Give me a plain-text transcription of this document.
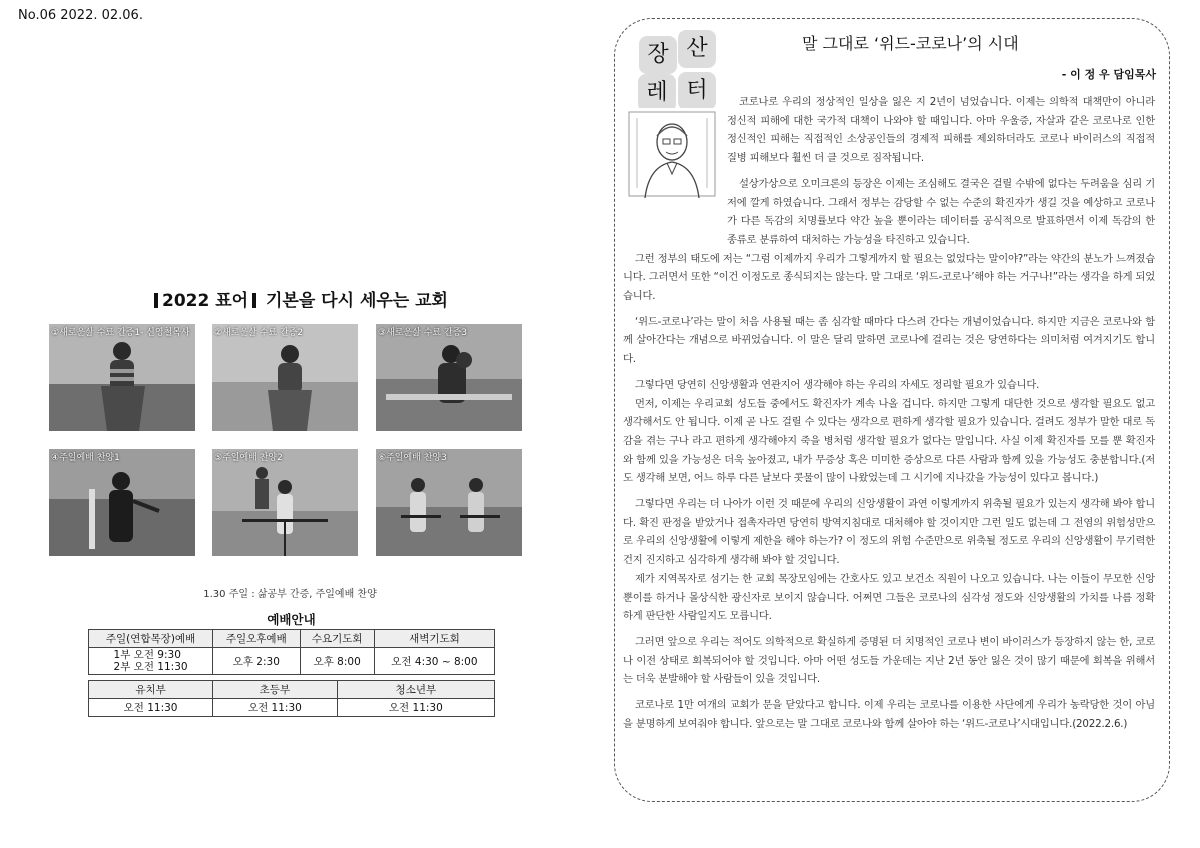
No.06 2022. 02.06.
2022 표어 기본을 다시 세우는 교회
①새로운삶 수료 간증1- 신영철목사	②새로운삶 수료 간증2	③새로운삶 수료 간증3
④주일예배 찬양1	⑤주일예배 찬양2	⑥주일예배 찬양3
1.30 주일 : 삶공부 간증, 주일예배 찬양
예배안내				
주일(연합목장)예배	주일오후예배	수요기도회		새벽기도회
1부 오전 9:30
2부 오전 11:30	오후 2:30	오후 8:00		오전 4:30 ~ 8:00

유치부	초등부		청소년부	
오전 11:30	오전 11:30		오전 11:30	
장 산
레 터
말 그대로 ‘위드-코로나’의 시대
- 이 정 우 담임목사

코로나로 우리의 정상적인 일상을 잃은 지 2년이 넘었습니다. 이제는 의학적 대책만이 아니라 정신적 피해에 대한 국가적 대책이 나와야 할 때입니다. 아마 우울증, 자살과 같은 코로나로 인한 정신적인 피해는 직접적인 소상공인들의 경제적 피해를 제외하더라도 코로나 바이러스의 직접적 질병 피해보다 훨씬 더 클 것으로 짐작됩니다.

설상가상으로 오미크론의 등장은 이제는 조심해도 결국은 걸릴 수밖에 없다는 두려움을 심리 기저에 깔게 하였습니다. 그래서 정부는 감당할 수 없는 수준의 확진자가 생길 것을 예상하고 코로나가 다른 독감의 치명률보다 약간 높을 뿐이라는 데이터를 공식적으로 발표하면서 이제 독감의 한 종류로 분류하여 대처하는 가능성을 타진하고 있습니다.

그런 정부의 태도에 저는 “그럼 이제까지 우리가 그렇게까지 할 필요는 없었다는 말이야?”라는 약간의 분노가 느껴졌습니다. 그러면서 또한 “이건 이정도로 종식되지는 않는다. 말 그대로 ‘위드-코로나’해야 하는 거구나!”라는 생각을 하게 되었습니다.

‘위드-코로나’라는 말이 처음 사용될 때는 좀 심각할 때마다 다스려 간다는 개념이었습니다. 하지만 지금은 코로나와 함께 살아간다는 개념으로 바뀌었습니다. 이 말은 달리 말하면 코로나에 걸리는 것은 당연하다는 의미처럼 여겨지기도 합니다.

그렇다면 당연히 신앙생활과 연관지어 생각해야 하는 우리의 자세도 정리할 필요가 있습니다.

먼저, 이제는 우리교회 성도들 중에서도 확진자가 계속 나올 겁니다. 하지만 그렇게 대단한 것으로 생각할 필요도 없고 생각해서도 안 됩니다. 이제 곧 나도 걸릴 수 있다는 생각으로 편하게 생각할 필요가 있습니다. 걸려도 정부가 말한 대로 독감을 겪는 구나 라고 편하게 생각해야지 죽을 병처럼 생각할 필요가 없다는 말입니다. 사실 이제 확진자를 모를 뿐 확진자와 함께 있을 가능성은 더욱 높아졌고, 내가 무증상 혹은 미미한 증상으로 다른 사람과 함께 있을 가능성도 충분합니다.(저도 생각해 보면, 어느 하루 다른 날보다 콧물이 많이 나왔었는데 그 시기에 지나갔을 가능성이 있다고 봅니다.)

그렇다면 우리는 더 나아가 이런 것 때문에 우리의 신앙생활이 과연 이렇게까지 위축될 필요가 있는지 생각해 봐야 합니다. 확진 판정을 받았거나 접촉자라면 당연히 방역지침대로 대처해야 할 것이지만 그런 일도 없는데 그 전염의 위험성만으로 우리의 신앙생활에 이렇게 제한을 해야 하는가? 이 정도의 위험 수준만으로 위축될 정도로 우리의 신앙생활이 무기력한 건지 진지하고 심각하게 생각해 봐야 할 것입니다.

제가 지역목자로 섬기는 한 교회 목장모임에는 간호사도 있고 보건소 직원이 나오고 있습니다. 나는 이들이 무모한 신앙뿐이를 하거나 몰상식한 광신자로 보이지 않습니다. 어쩌면 그들은 코로나의 심각성 정도와 신앙생활의 가치를 나름 정확하게 판단한 사람일지도 모릅니다.

그러면 앞으로 우리는 적어도 의학적으로 확실하게 증명된 더 치명적인 코로나 변이 바이러스가 등장하지 않는 한, 코로나 이전 상태로 회복되어야 할 것입니다. 아마 어떤 성도들 가운데는 지난 2년 동안 잃은 것이 많기 때문에 회복을 위해서는 더욱 분발해야 할 사람들이 있을 것입니다.

코로나로 1만 여개의 교회가 문을 닫았다고 합니다. 이제 우리는 코로나를 이용한 사단에게 우리가 농락당한 것이 아님을 분명하게 보여줘야 합니다. 앞으로는 말 그대로 코로나와 함께 살아야 하는 ‘위드-코로나’시대입니다.(2022.2.6.)
